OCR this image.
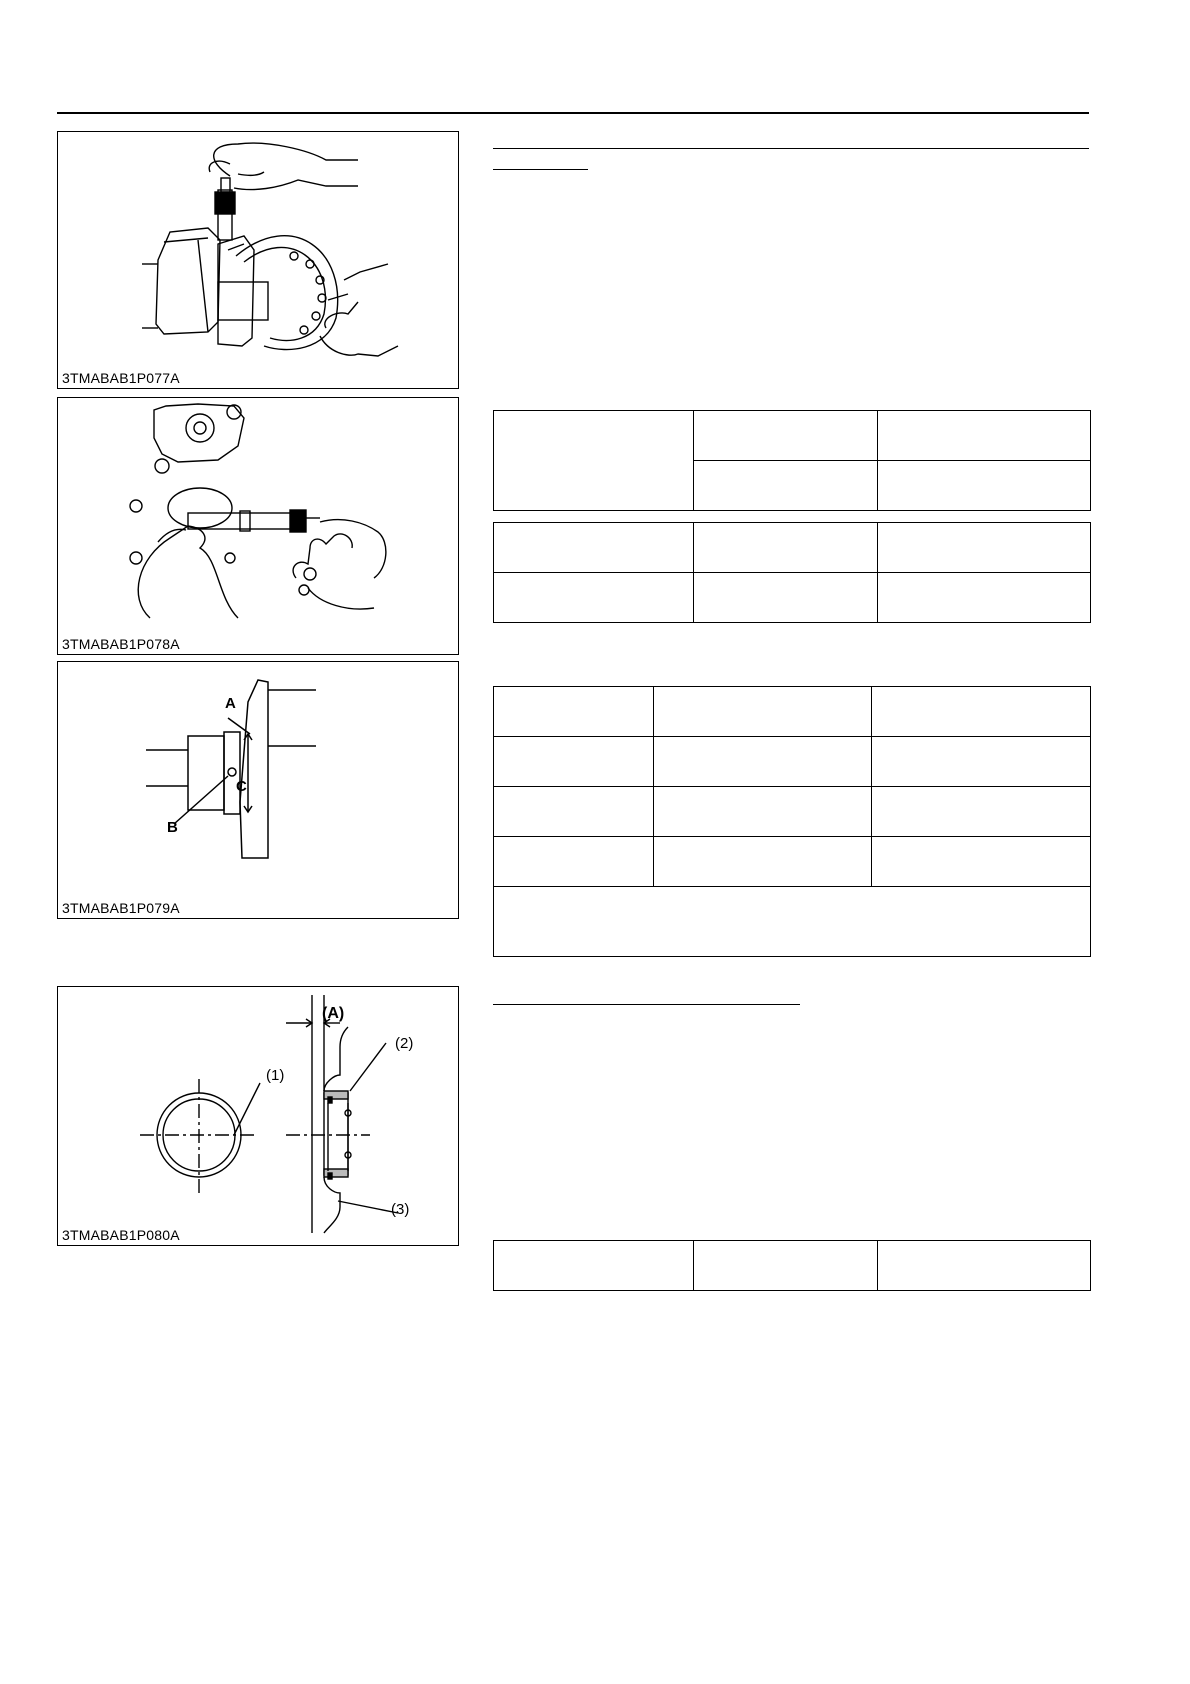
3TMABAB1P077A
3TMABAB1P078A
A
C
B
3TMABAB1P079A
(A)
(1)
(2)
(3)
3TMABAB1P080A
